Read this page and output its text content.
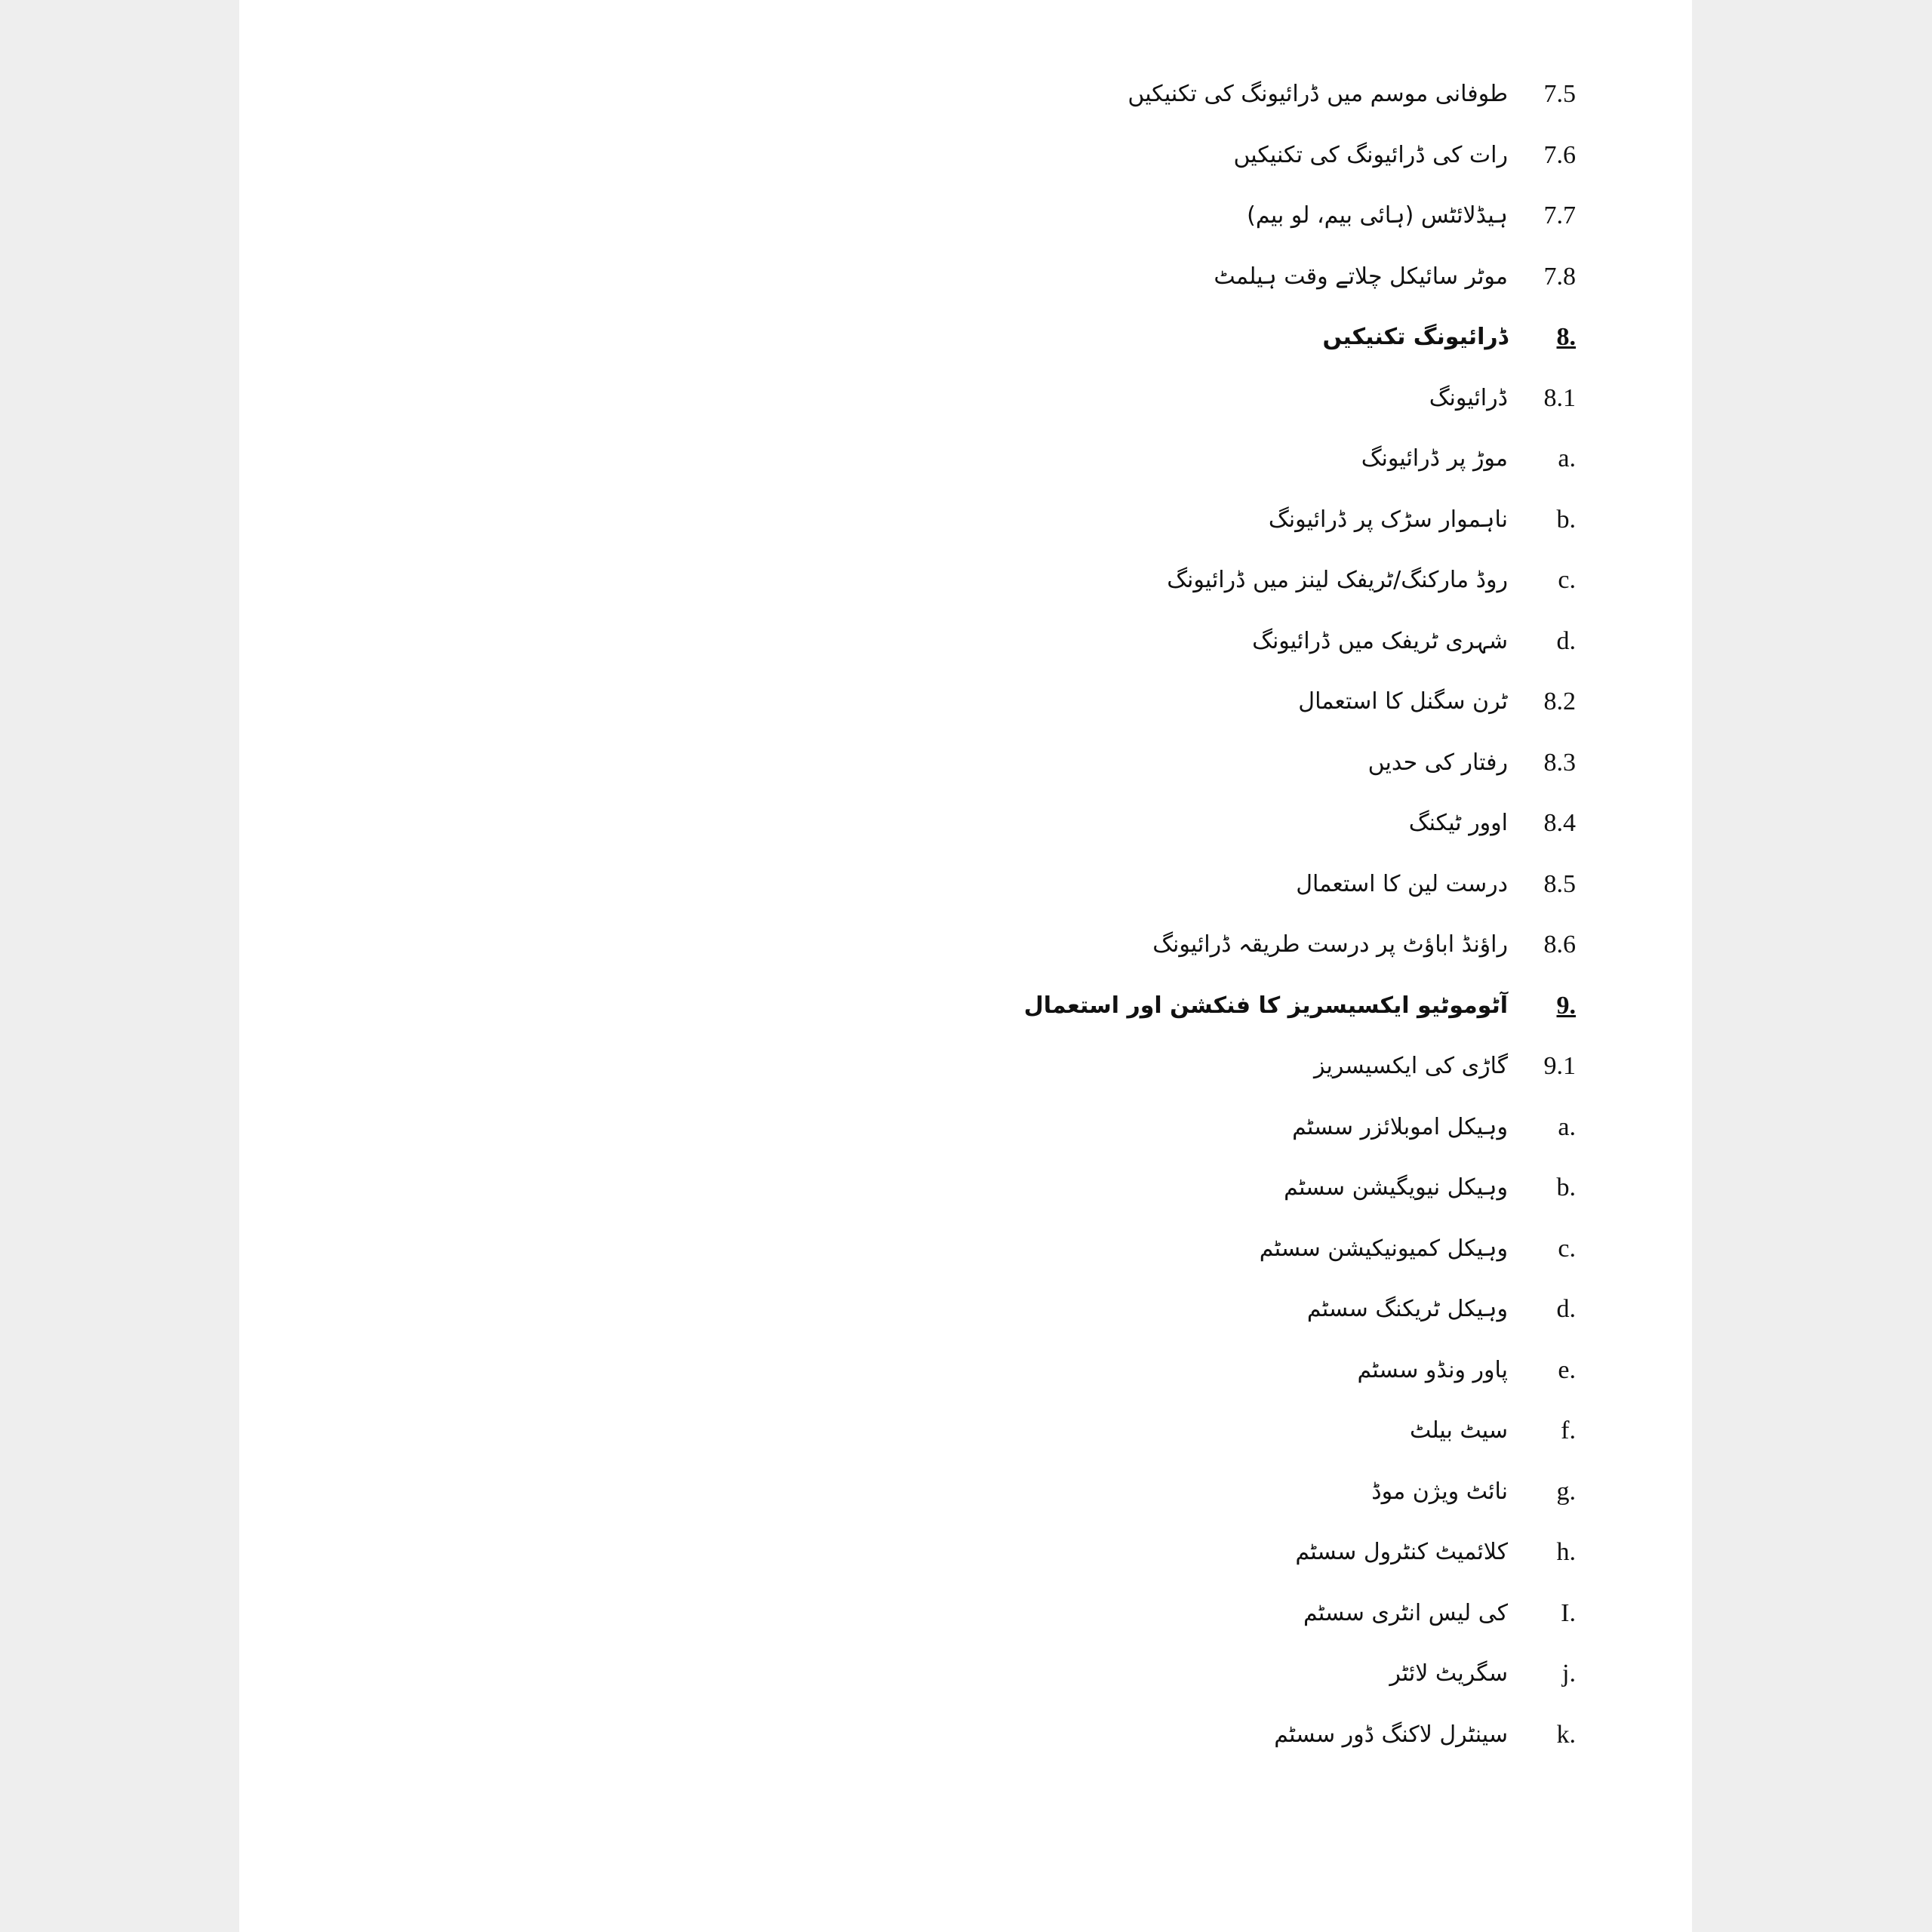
7.5
طوفانی موسم میں ڈرائیونگ کی تکنیکیں
7.6
رات کی ڈرائیونگ کی تکنیکیں
7.7
ہیڈلائٹس (ہائی بیم، لو بیم)
7.8
موٹر سائیکل چلاتے وقت ہیلمٹ
8.
ڈرائیونگ تکنیکیں
8.1
ڈرائیونگ
a.
موڑ پر ڈرائیونگ
b.
ناہموار سڑک پر ڈرائیونگ
c.
روڈ مارکنگ/ٹریفک لینز میں ڈرائیونگ
d.
شہری ٹریفک میں ڈرائیونگ
8.2
ٹرن سگنل کا استعمال
8.3
رفتار کی حدیں
8.4
اوور ٹیکنگ
8.5
درست لین کا استعمال
8.6
راؤنڈ اباؤٹ پر درست طریقہ ڈرائیونگ
9.
آٹوموٹیو ایکسیسریز کا فنکشن اور استعمال
9.1
گاڑی کی ایکسیسریز
a.
وہیکل اموبلائزر سسٹم
b.
وہیکل نیویگیشن سسٹم
c.
وہیکل کمیونیکیشن سسٹم
d.
وہیکل ٹریکنگ سسٹم
e.
پاور ونڈو سسٹم
f.
سیٹ بیلٹ
g.
نائٹ ویژن موڈ
h.
کلائمیٹ کنٹرول سسٹم
I.
کی لیس انٹری سسٹم
j.
سگریٹ لائٹر
k.
سینٹرل لاکنگ ڈور سسٹم
